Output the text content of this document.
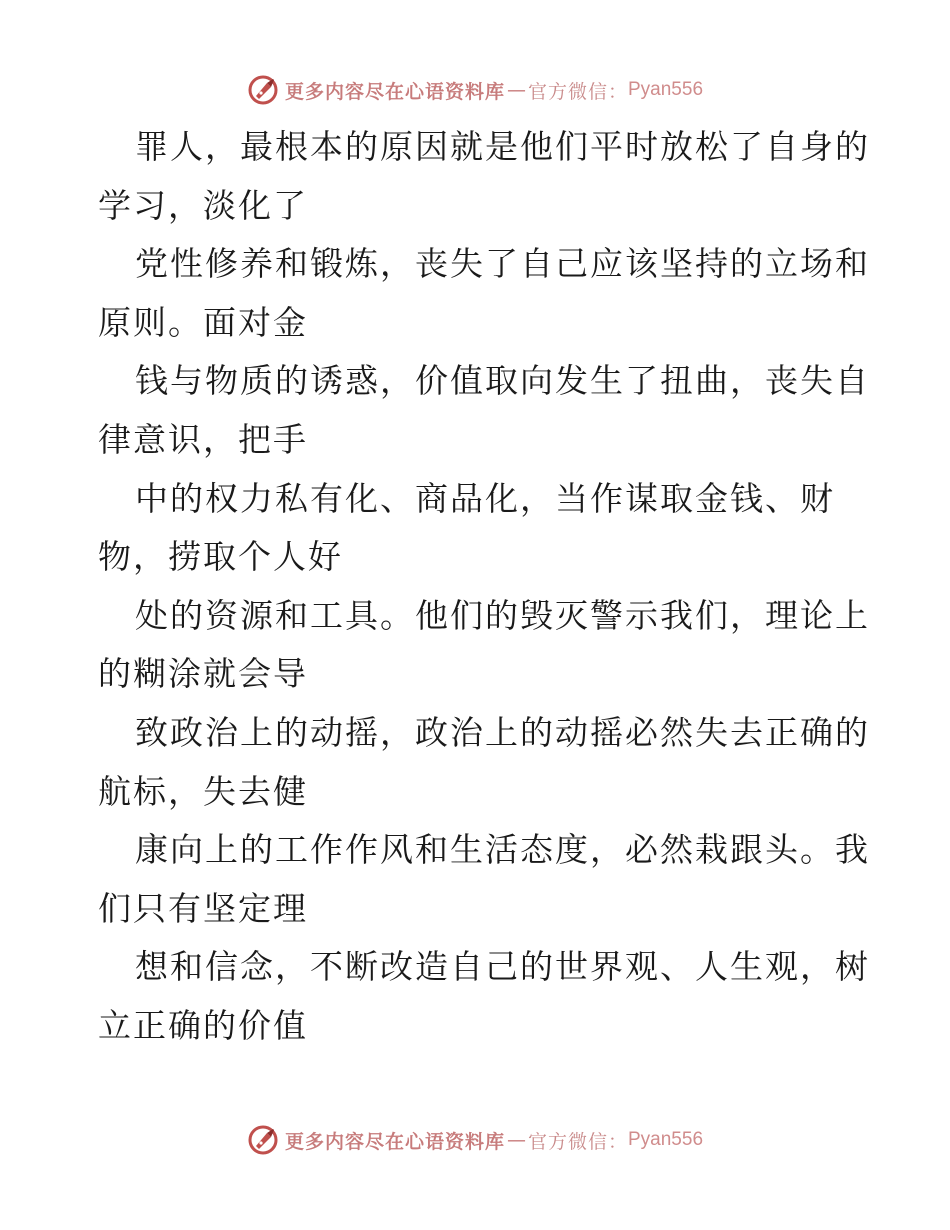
更多内容尽在心语资料库 — 官方微信： Pyan556
罪人，最根本的原因就是他们平时放松了自身的
学习，淡化了
党性修养和锻炼，丧失了自己应该坚持的立场和
原则。面对金
钱与物质的诱惑，价值取向发生了扭曲，丧失自
律意识，把手
中的权力私有化、商品化，当作谋取金钱、财
物，捞取个人好
处的资源和工具。他们的毁灭警示我们，理论上
的糊涂就会导
致政治上的动摇，政治上的动摇必然失去正确的
航标，失去健
康向上的工作作风和生活态度，必然栽跟头。我
们只有坚定理
想和信念，不断改造自己的世界观、人生观，树
立正确的价值
更多内容尽在心语资料库 — 官方微信： Pyan556
